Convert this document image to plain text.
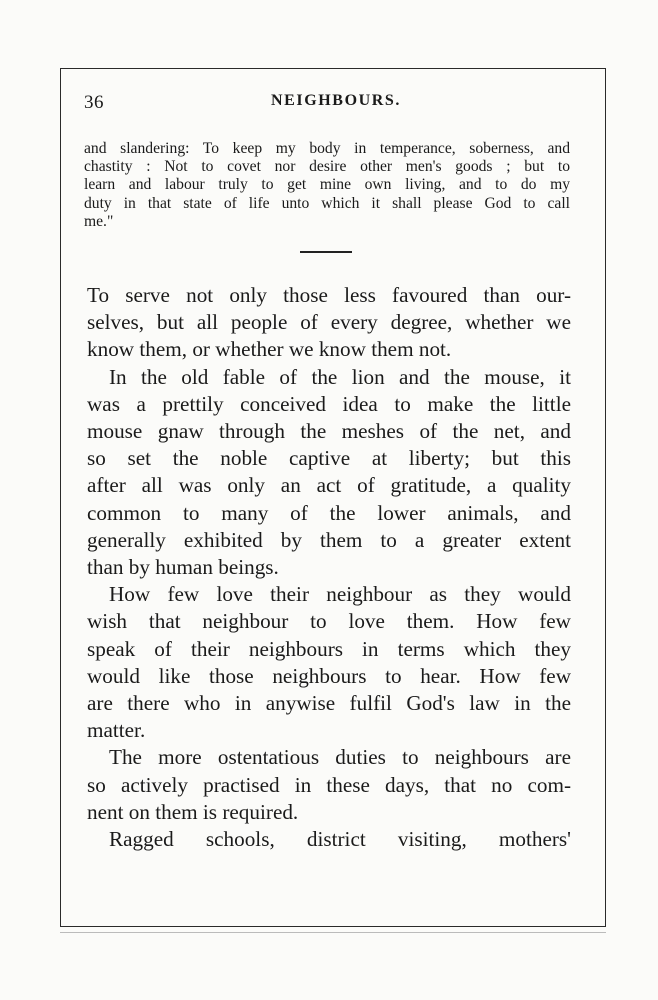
36	NEIGHBOURS.
and slandering: To keep my body in temperance, soberness, and
chastity : Not to covet nor desire other men's goods ; but to
learn and labour truly to get mine own living, and to do my
duty in that state of life unto which it shall please God to call
me."
To serve not only those less favoured than our-
selves, but all people of every degree, whether we
know them, or whether we know them not.
In the old fable of the lion and the mouse, it
was a prettily conceived idea to make the little
mouse gnaw through the meshes of the net, and
so set the noble captive at liberty; but this
after all was only an act of gratitude, a quality
common to many of the lower animals, and
generally exhibited by them to a greater extent
than by human beings.
How few love their neighbour as they would
wish that neighbour to love them. How few
speak of their neighbours in terms which they
would like those neighbours to hear. How few
are there who in anywise fulfil God's law in the
matter.
The more ostentatious duties to neighbours are
so actively practised in these days, that no com-
nent on them is required.
Ragged schools, district visiting, mothers'
